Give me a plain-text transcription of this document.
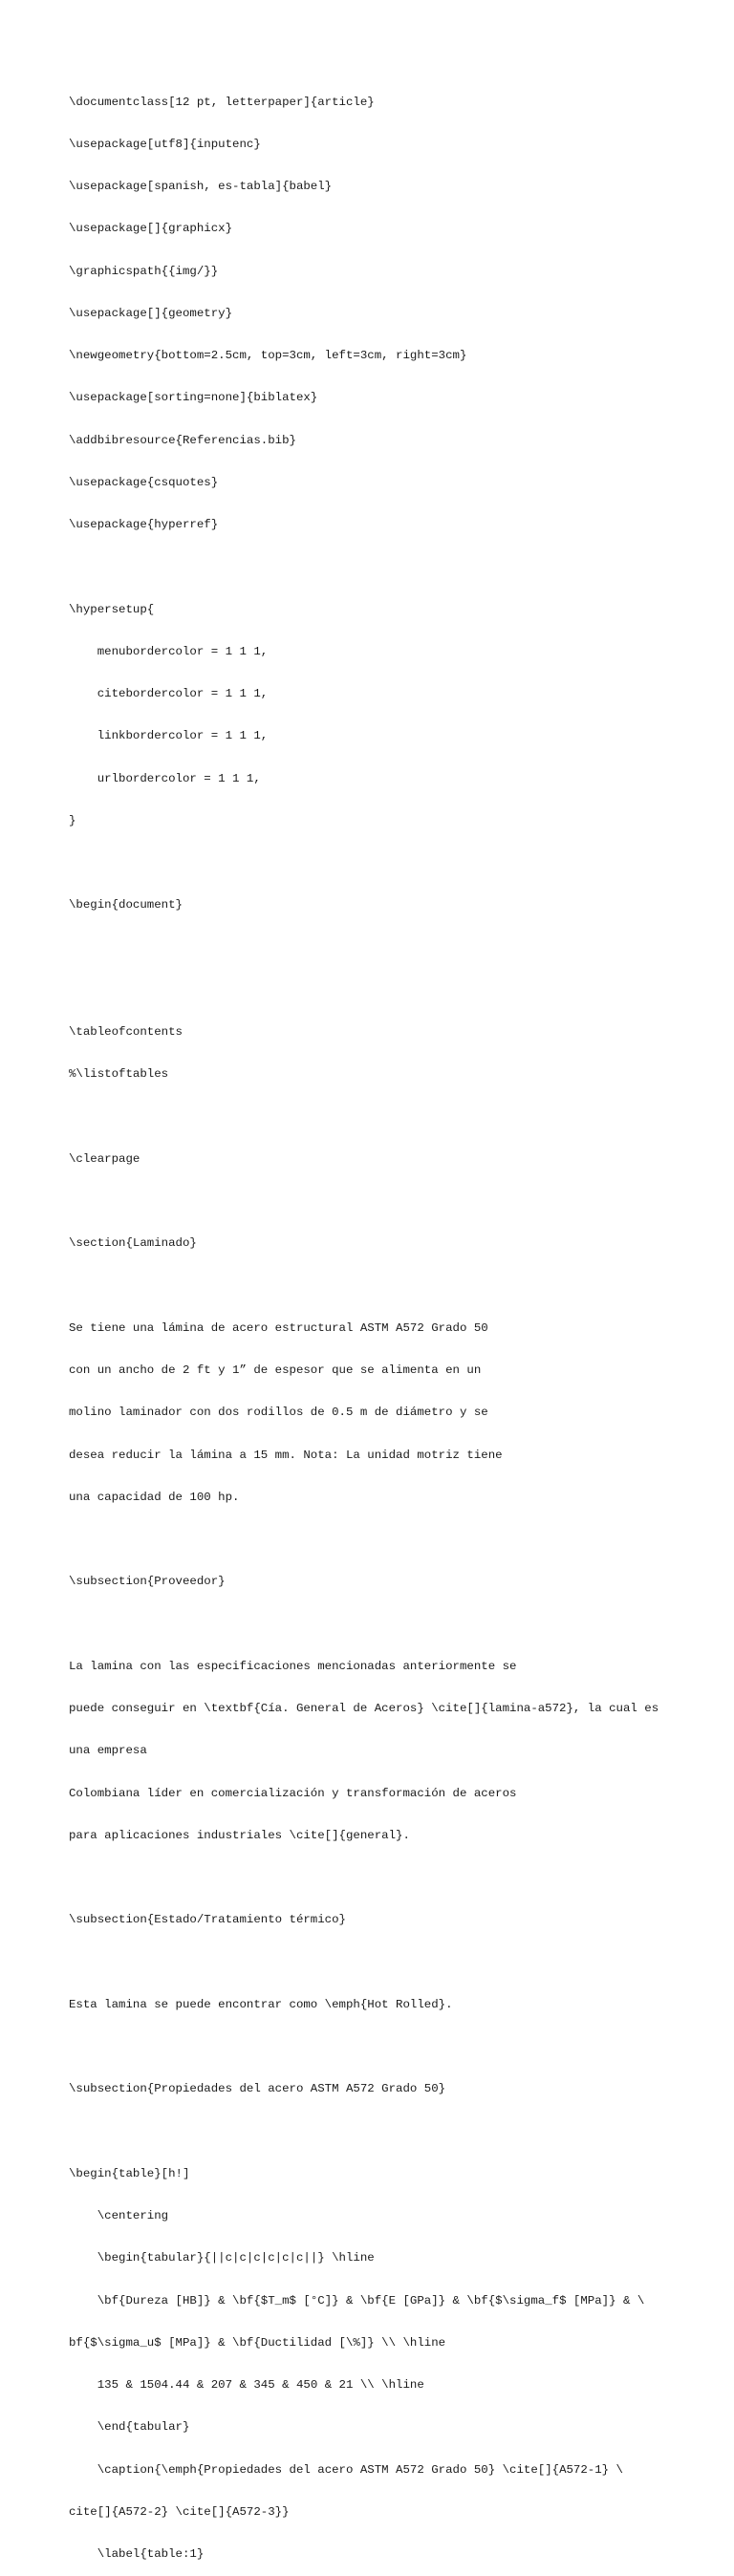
\documentclass[12 pt, letterpaper]{article}

\usepackage[utf8]{inputenc}

\usepackage[spanish, es-tabla]{babel}

\usepackage[]{graphicx}

\graphicspath{{img/}}

\usepackage[]{geometry}

\newgeometry{bottom=2.5cm, top=3cm, left=3cm, right=3cm}

\usepackage[sorting=none]{biblatex}

\addbibresource{Referencias.bib}

\usepackage{csquotes}

\usepackage{hyperref}

\hypersetup{

menubordercolor = 1 1 1,

citebordercolor = 1 1 1,

linkbordercolor = 1 1 1,

urlbordercolor = 1 1 1,

}

\begin{document}

\tableofcontents

%\listoftables

\clearpage

\section{Laminado}

Se tiene una lámina de acero estructural ASTM A572 Grado 50

con un ancho de 2 ft y 1” de espesor que se alimenta en un

molino laminador con dos rodillos de 0.5 m de diámetro y se

desea reducir la lámina a 15 mm. Nota: La unidad motriz tiene

una capacidad de 100 hp.

\subsection{Proveedor}

La lamina con las especificaciones mencionadas anteriormente se

puede conseguir en \textbf{Cía. General de Aceros} \cite[]{lamina-a572}, la cual es

una empresa

Colombiana líder en comercialización y transformación de aceros

para aplicaciones industriales \cite[]{general}.

\subsection{Estado/Tratamiento térmico}

Esta lamina se puede encontrar como \emph{Hot Rolled}.

\subsection{Propiedades del acero ASTM A572 Grado 50}

\begin{table}[h!]

\centering

\begin{tabular}{||c|c|c|c|c|c||} \hline

\bf{Dureza [HB]} & \bf{$T_m$ [°C]} & \bf{E [GPa]} & \bf{$\sigma_f$ [MPa]} & \

bf{$\sigma_u$ [MPa]} & \bf{Ductilidad [\%]} \\ \hline

135 & 1504.44 & 207 & 345 & 450 & 21 \\ \hline

\end{tabular}

\caption{\emph{Propiedades del acero ASTM A572 Grado 50} \cite[]{A572-1} \

cite[]{A572-2} \cite[]{A572-3}}

\label{table:1}
